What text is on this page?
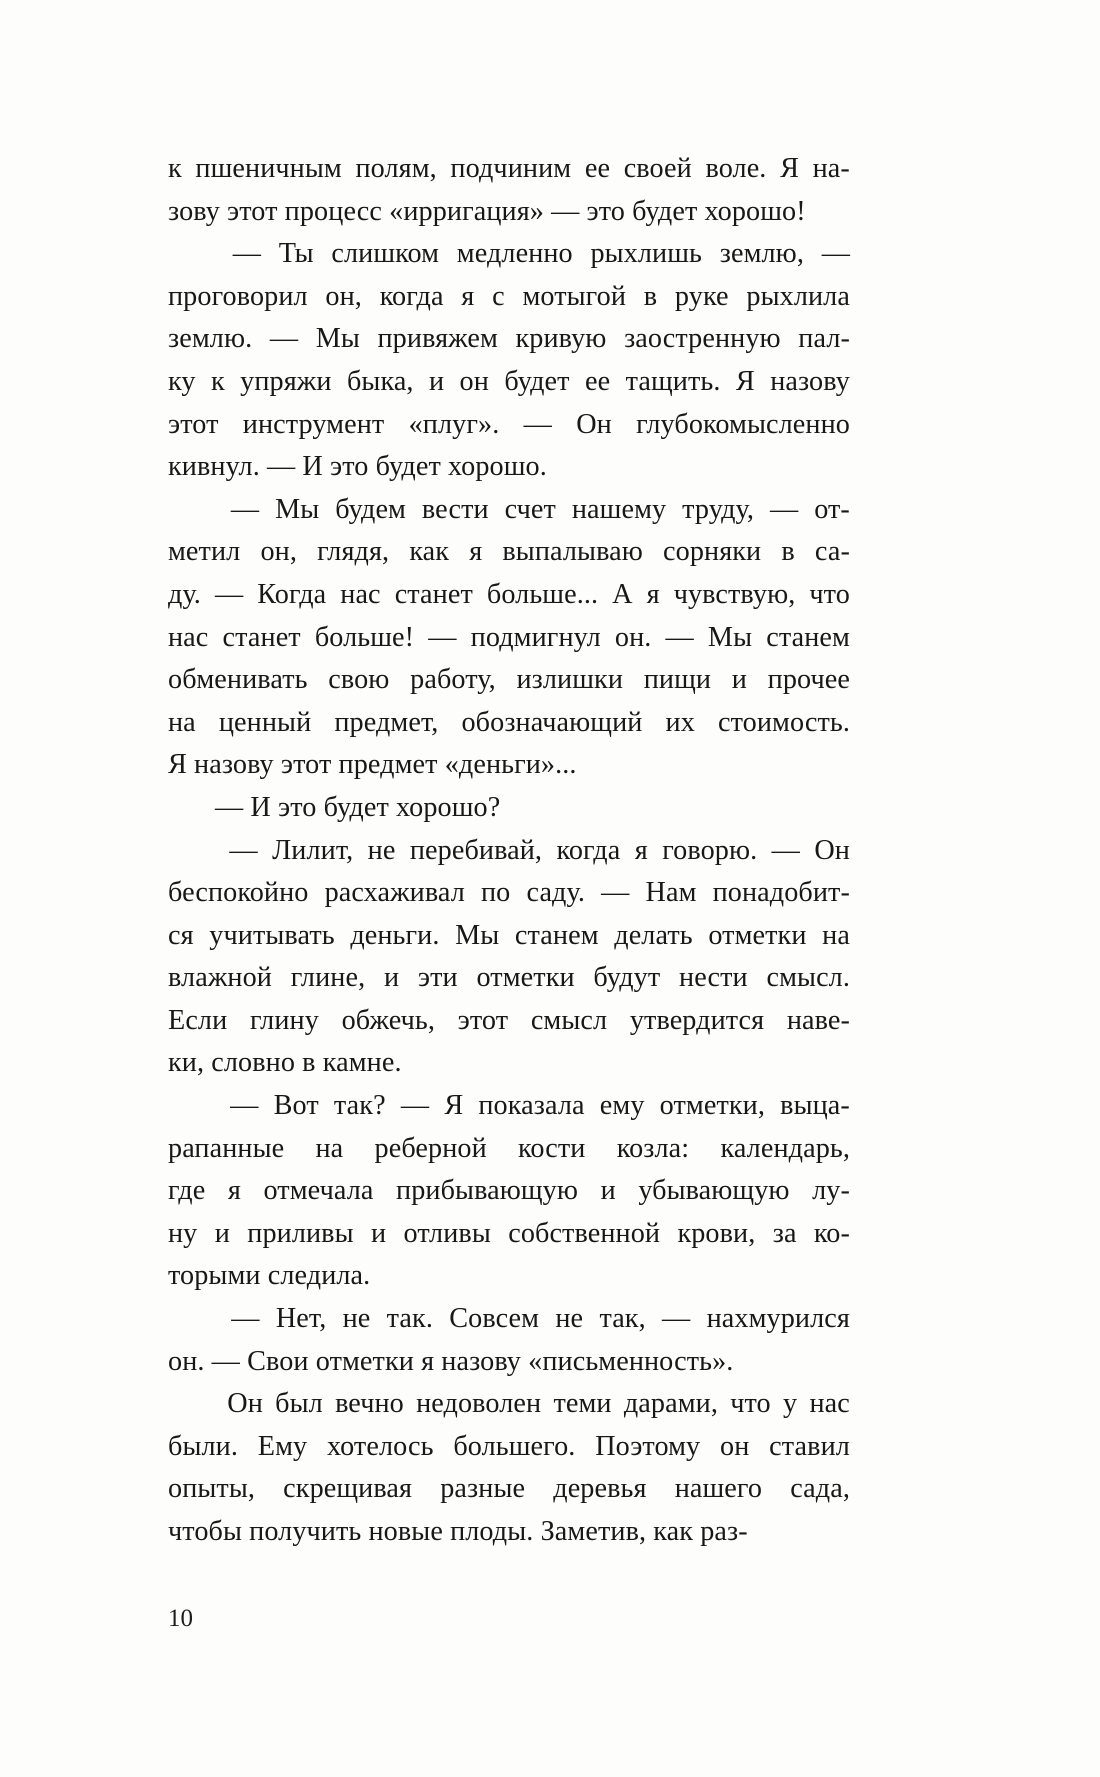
к пшеничным полям, подчиним ее своей воле. Я на-
зову этот процесс «ирригация» — это будет хорошо!

— Ты слишком медленно рыхлишь землю, —
проговорил он, когда я с мотыгой в руке рыхлила
землю. — Мы привяжем кривую заостренную пал-
ку к упряжи быка, и он будет ее тащить. Я назову
этот инструмент «плуг». — Он глубокомысленно
кивнул. — И это будет хорошо.

— Мы будем вести счет нашему труду, — от-
метил он, глядя, как я выпалываю сорняки в са-
ду. — Когда нас станет больше... А я чувствую, что
нас станет больше! — подмигнул он. — Мы станем
обменивать свою работу, излишки пищи и прочее
на ценный предмет, обозначающий их стоимость.
Я назову этот предмет «деньги»...

— И это будет хорошо?

— Лилит, не перебивай, когда я говорю. — Он
беспокойно расхаживал по саду. — Нам понадобит-
ся учитывать деньги. Мы станем делать отметки на
влажной глине, и эти отметки будут нести смысл.
Если глину обжечь, этот смысл утвердится наве-
ки, словно в камне.

— Вот так? — Я показала ему отметки, выца-
рапанные на реберной кости козла: календарь,
где я отмечала прибывающую и убывающую лу-
ну и приливы и отливы собственной крови, за ко-
торыми следила.

— Нет, не так. Совсем не так, — нахмурился
он. — Свои отметки я назову «письменность».

Он был вечно недоволен теми дарами, что у нас
были. Ему хотелось большего. Поэтому он ставил
опыты, скрещивая разные деревья нашего сада,
чтобы получить новые плоды. Заметив, как раз-

10
